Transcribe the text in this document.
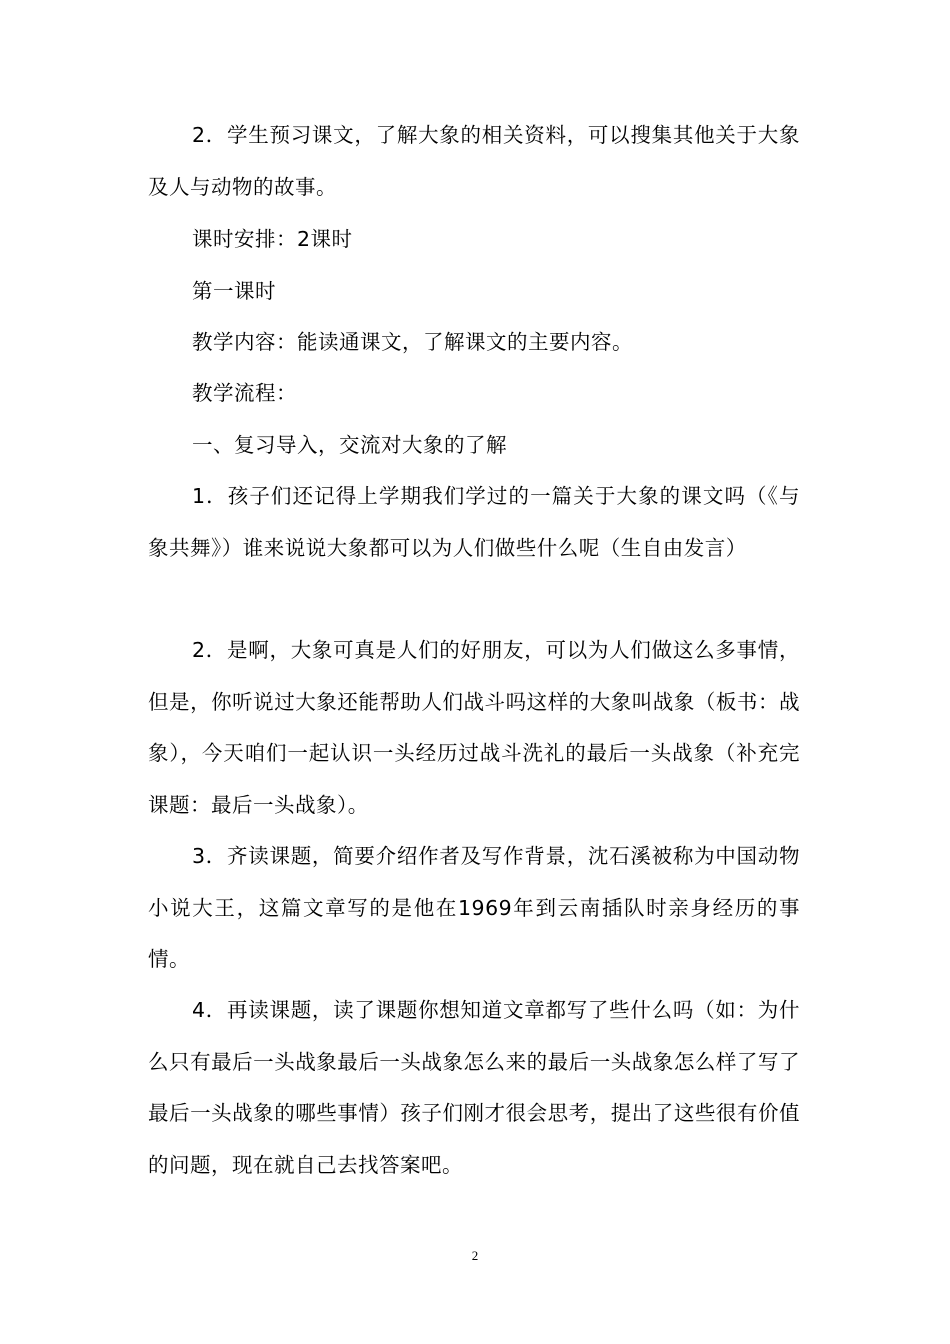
2．学生预习课文，了解大象的相关资料，可以搜集其他关于大象及人与动物的故事。

课时安排：2课时

第一课时

教学内容：能读通课文，了解课文的主要内容。

教学流程：

一、复习导入，交流对大象的了解

1．孩子们还记得上学期我们学过的一篇关于大象的课文吗（《与象共舞》）谁来说说大象都可以为人们做些什么呢（生自由发言）

2．是啊，大象可真是人们的好朋友，可以为人们做这么多事情，但是，你听说过大象还能帮助人们战斗吗这样的大象叫战象（板书：战象），今天咱们一起认识一头经历过战斗洗礼的最后一头战象（补充完课题：最后一头战象）。

3．齐读课题，简要介绍作者及写作背景，沈石溪被称为中国动物小说大王，这篇文章写的是他在1969年到云南插队时亲身经历的事情。

4．再读课题，读了课题你想知道文章都写了些什么吗（如：为什么只有最后一头战象最后一头战象怎么来的最后一头战象怎么样了写了最后一头战象的哪些事情）孩子们刚才很会思考，提出了这些很有价值的问题，现在就自己去找答案吧。

2
